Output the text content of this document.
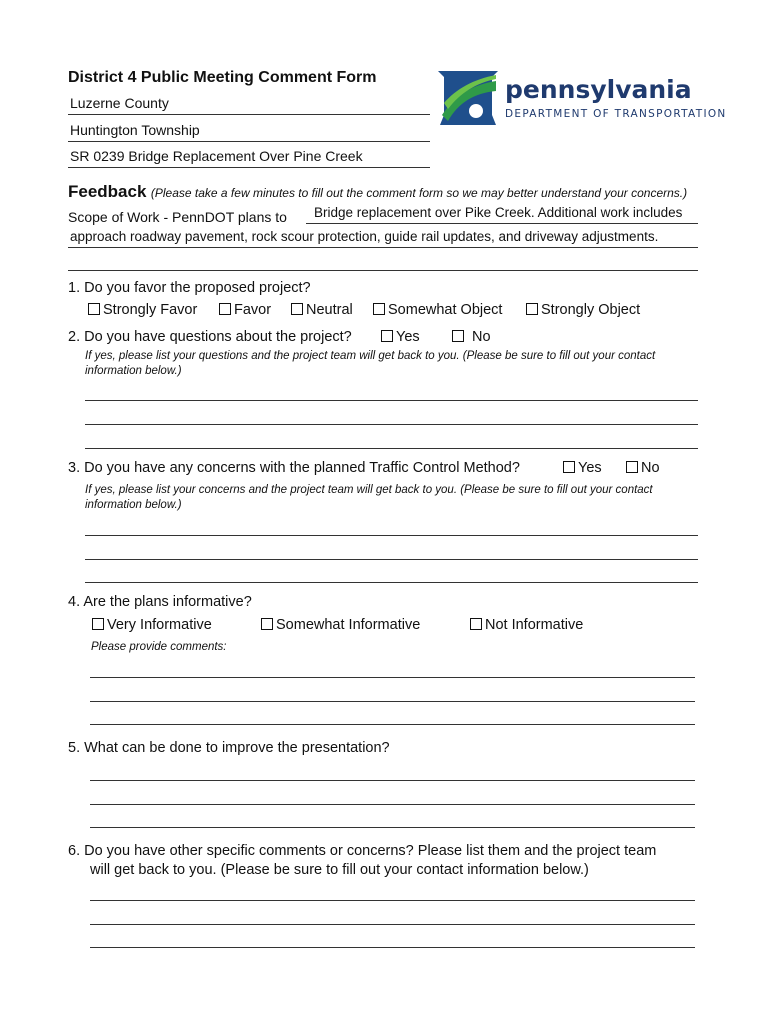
District 4 Public Meeting Comment Form
Luzerne County
Huntington Township
SR 0239 Bridge Replacement Over Pine Creek
pennsylvania
DEPARTMENT OF TRANSPORTATION
Feedback (Please take a few minutes to fill out the comment form so we may better understand your concerns.)
Scope of Work - PennDOT plans to Bridge replacement over Pike Creek. Additional work includes
approach roadway pavement, rock scour protection, guide rail updates, and driveway adjustments.
1. Do you favor the proposed project?
Strongly Favor	Favor	Neutral	Somewhat Object	Strongly Object
2. Do you have questions about the project?	Yes	No
If yes, please list your questions and the project team will get back to you. (Please be sure to fill out your contact information below.)
3. Do you have any concerns with the planned Traffic Control Method?	Yes	No
If yes, please list your concerns and the project team will get back to you. (Please be sure to fill out your contact information below.)
4. Are the plans informative?
Very Informative	Somewhat Informative	Not Informative
Please provide comments:
5. What can be done to improve the presentation?
6. Do you have other specific comments or concerns? Please list them and the project team
will get back to you. (Please be sure to fill out your contact information below.)
